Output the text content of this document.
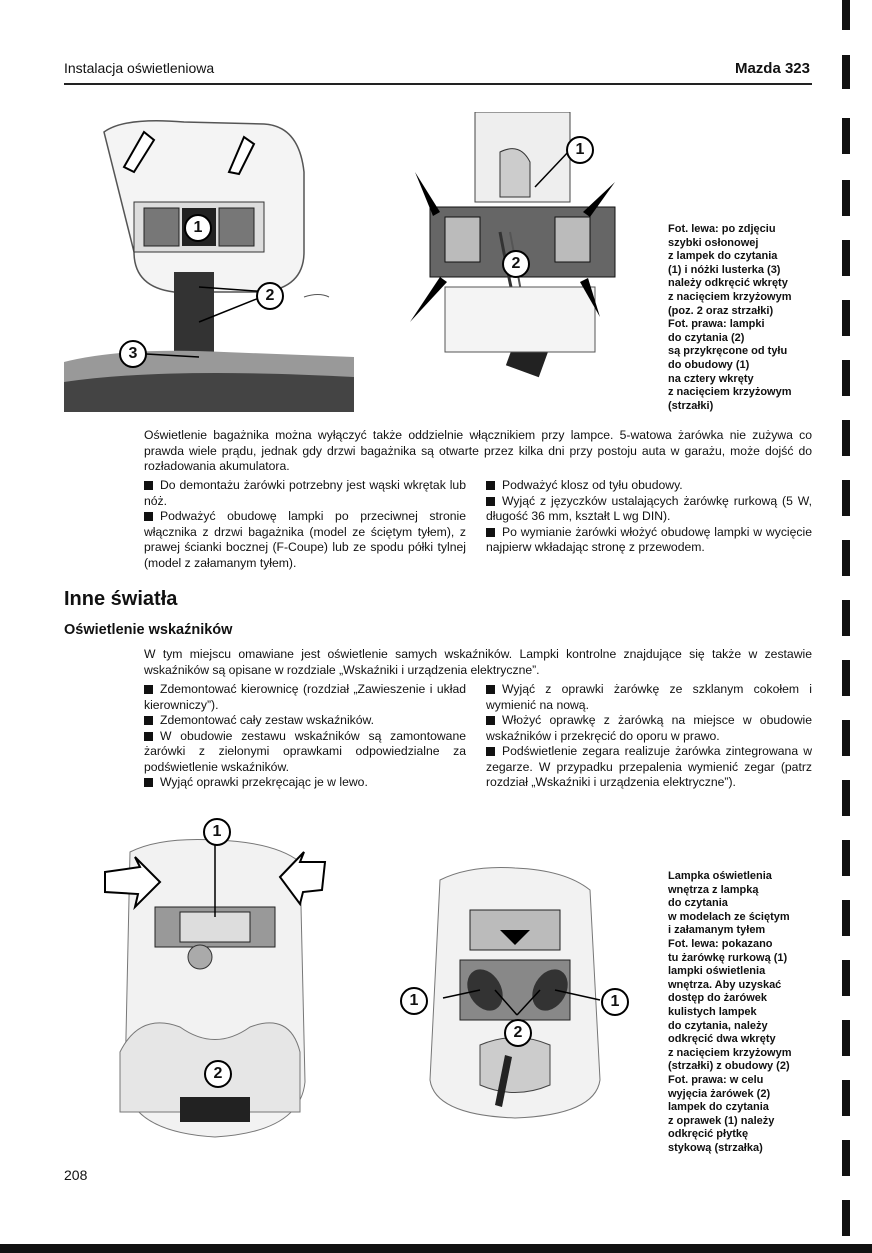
Instalacja oświetleniowa	Mazda 323
1
2
3
1
2
Fot. lewa: po zdjęciu
szybki osłonowej
z lampek do czytania
(1) i nóżki lusterka (3)
należy odkręcić wkręty
z nacięciem krzyżowym
(poz. 2 oraz strzałki)
Fot. prawa: lampki
do czytania (2)
są przykręcone od tyłu
do obudowy (1)
na cztery wkręty
z nacięciem krzyżowym
(strzałki)
Oświetlenie bagażnika można wyłączyć także oddzielnie włącznikiem przy lampce. 5-watowa żarówka nie zużywa co prawda wiele prądu, jednak gdy drzwi bagażnika są otwarte przez kilka dni przy postoju auta w garażu, może dojść do rozładowania akumulatora.
Do demontażu żarówki potrzebny jest wąski wkrętak lub nóż.
Podważyć obudowę lampki po przeciwnej stronie włącznika z drzwi bagażnika (model ze ściętym tyłem), z prawej ścianki bocznej (F-Coupe) lub ze spodu półki tylnej (model z załamanym tyłem).
Podważyć klosz od tyłu obudowy.
Wyjąć z języczków ustalających żarówkę rurkową (5 W, długość 36 mm, kształt L wg DIN).
Po wymianie żarówki włożyć obudowę lampki w wycięcie najpierw wkładając stronę z przewodem.
Inne światła
Oświetlenie wskaźników
W tym miejscu omawiane jest oświetlenie samych wskaźników. Lampki kontrolne znajdujące się także w zestawie wskaźników są opisane w rozdziale „Wskaźniki i urządzenia elektryczne”.
Zdemontować kierownicę (rozdział „Zawieszenie i układ kierowniczy”).
Zdemontować cały zestaw wskaźników.
W obudowie zestawu wskaźników są zamontowane żarówki z zielonymi oprawkami odpowiedzialne za podświetlenie wskaźników.
Wyjąć oprawki przekręcając je w lewo.
Wyjąć z oprawki żarówkę ze szklanym cokołem i wymienić na nową.
Włożyć oprawkę z żarówką na miejsce w obudowie wskaźników i przekręcić do oporu w prawo.
Podświetlenie zegara realizuje żarówka zintegrowana w zegarze. W przypadku przepalenia wymienić zegar (patrz rozdział „Wskaźniki i urządzenia elektryczne”).
1
2
1	1
2
Lampka oświetlenia
wnętrza z lampką
do czytania
w modelach ze ściętym
i załamanym tyłem
Fot. lewa: pokazano
tu żarówkę rurkową (1)
lampki oświetlenia
wnętrza. Aby uzyskać
dostęp do żarówek
kulistych lampek
do czytania, należy
odkręcić dwa wkręty
z nacięciem krzyżowym
(strzałki) z obudowy (2)
Fot. prawa: w celu
wyjęcia żarówek (2)
lampek do czytania
z oprawek (1) należy
odkręcić płytkę
stykową (strzałka)
208
